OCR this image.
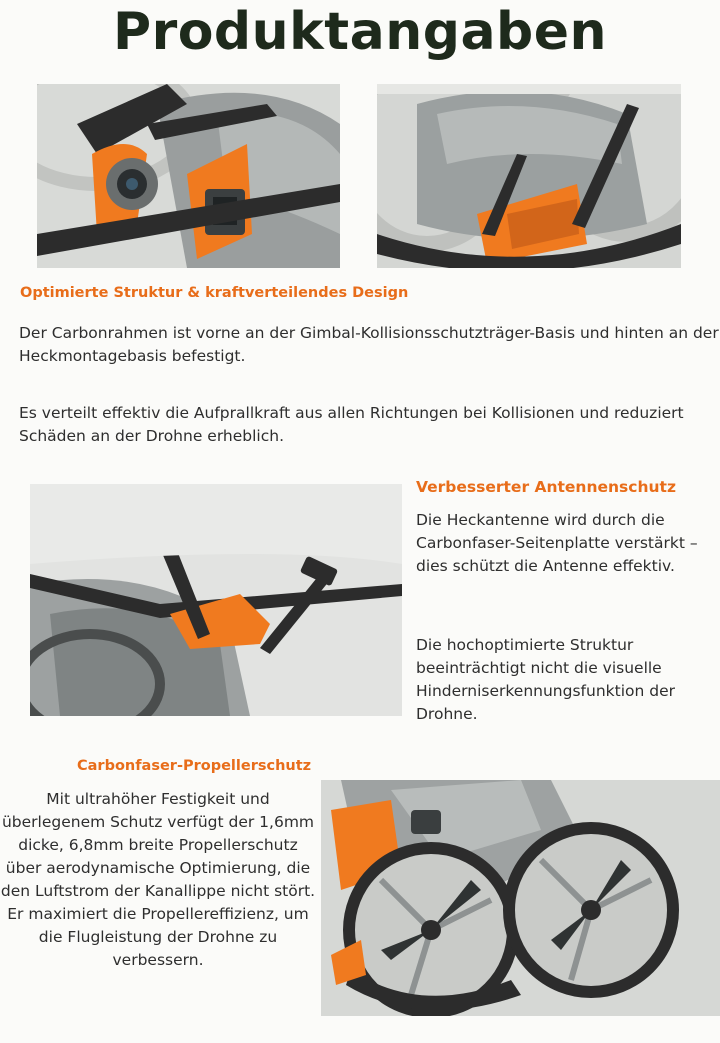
Produktangaben
Optimierte Struktur & kraftverteilendes Design
Der Carbonrahmen ist vorne an der Gimbal-Kollisionsschutzträger-Basis und hinten an der Heckmontagebasis befestigt.
Es verteilt effektiv die Aufprallkraft aus allen Richtungen bei Kollisionen und reduziert Schäden an der Drohne erheblich.
Verbesserter Antennenschutz
Die Heckantenne wird durch die Carbonfaser-Seitenplatte verstärkt – dies schützt die Antenne effektiv.
Die hochoptimierte Struktur beeinträchtigt nicht die visuelle Hinderniserkennungsfunktion der Drohne.
Carbonfaser-Propellerschutz
Mit ultrahöher Festigkeit und überlegenem Schutz verfügt der 1,6mm dicke, 6,8mm breite Propellerschutz über aerodynamische Optimierung, die den Luftstrom der Kanallippe nicht stört. Er maximiert die Propellereffizienz, um die Flugleistung der Drohne zu verbessern.
